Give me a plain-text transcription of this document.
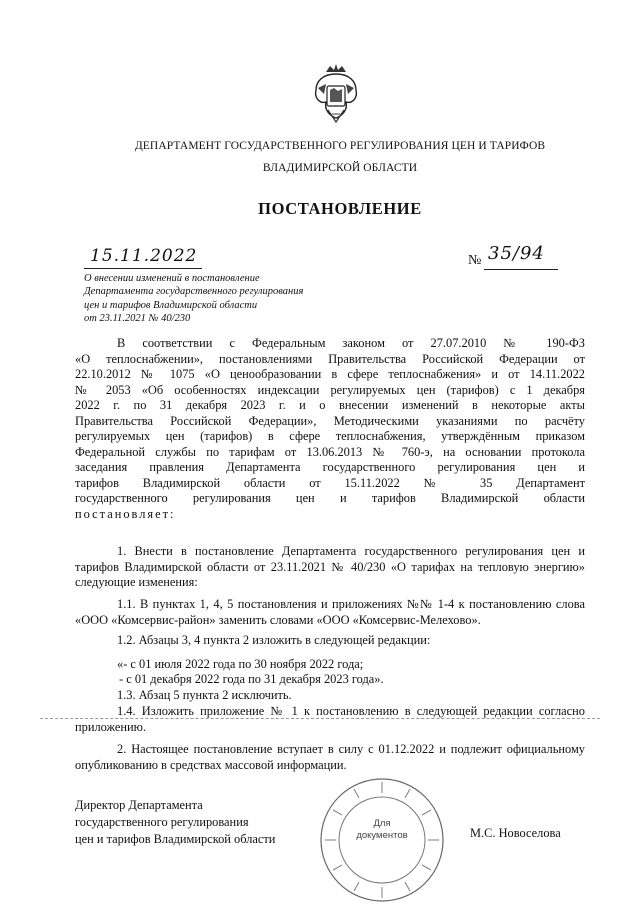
ДЕПАРТАМЕНТ ГОСУДАРСТВЕННОГО РЕГУЛИРОВАНИЯ ЦЕН И ТАРИФОВ
ВЛАДИМИРСКОЙ ОБЛАСТИ
ПОСТАНОВЛЕНИЕ
15.11.2022	№ 35/94
О внесении изменений в постановление
Департамента государственного регулирования
цен и тарифов Владимирской области
от 23.11.2021 № 40/230
В соответствии с Федеральным законом от 27.07.2010 № 190-ФЗ
«О теплоснабжении», постановлениями Правительства Российской Федерации от
22.10.2012 № 1075 «О ценообразовании в сфере теплоснабжения» и от 14.11.2022
№ 2053 «Об особенностях индексации регулируемых цен (тарифов) с 1 декабря
2022 г. по 31 декабря 2023 г. и о внесении изменений в некоторые акты
Правительства Российской Федерации», Методическими указаниями по расчёту
регулируемых цен (тарифов) в сфере теплоснабжения, утверждённым приказом
Федеральной службы по тарифам от 13.06.2013 № 760-э, на основании протокола
заседания правления Департамента государственного регулирования цен и
тарифов Владимирской области от 15.11.2022 № 35 Департамент
государственного регулирования цен и тарифов Владимирской области
постановляет:
1. Внести в постановление Департамента государственного регулирования цен и тарифов Владимирской области от 23.11.2021 № 40/230 «О тарифах на тепловую энергию» следующие изменения:
1.1. В пунктах 1, 4, 5 постановления и приложениях №№ 1-4 к постановлению слова «ООО «Комсервис-район» заменить словами «ООО «Комсервис-Мелехово».
1.2. Абзацы 3, 4 пункта 2 изложить в следующей редакции:
«- с 01 июля 2022 года по 30 ноября 2022 года;
- с 01 декабря 2022 года по 31 декабря 2023 года».
1.3. Абзац 5 пункта 2 исключить.
1.4. Изложить приложение № 1 к постановлению в следующей редакции согласно приложению.
2. Настоящее постановление вступает в силу с 01.12.2022 и подлежит официальному опубликованию в средствах массовой информации.
Директор Департамента
государственного регулирования
цен и тарифов Владимирской области
Для
документов	М.С. Новоселова
